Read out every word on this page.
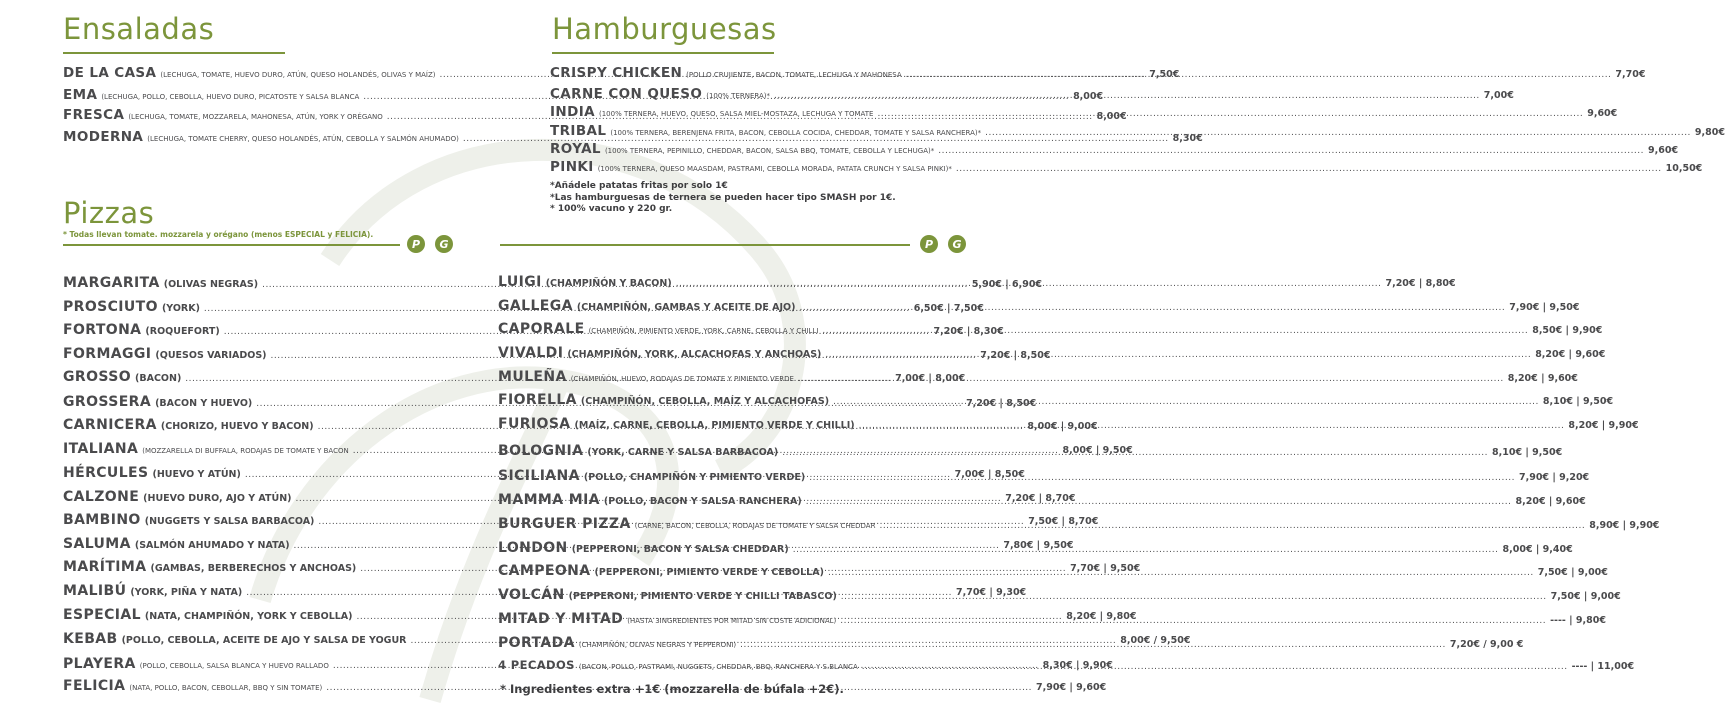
Ensaladas
DE LA CASA (LECHUGA, TOMATE, HUEVO DURO, ATÚN, QUESO HOLANDÉS, OLIVAS Y MAÍZ) .....	7,50€
EMA (LECHUGA, POLLO, CEBOLLA, HUEVO DURO, PICATOSTE Y SALSA BLANCA .....	8,00€
FRESCA (LECHUGA, TOMATE, MOZZARELA, MAHONESA, ATÚN, YORK Y ORÉGANO .....	8,00€
MODERNA (LECHUGA, TOMATE CHERRY, QUESO HOLANDÉS, ATÚN, CEBOLLA Y SALMÓN AHUMADO) .....	8,30€
Hamburguesas
CRISPY CHICKEN (POLLO CRUJIENTE, BACON, TOMATE, LECHUGA Y MAHONESA .....	7,70€
CARNE CON QUESO (100% TERNERA)* .....	7,00€
INDIA (100% TERNERA, HUEVO, QUESO, SALSA MIEL-MOSTAZA, LECHUGA Y TOMATE .....	9,60€
TRIBAL (100% TERNERA, BERENJENA FRITA, BACON, CEBOLLA COCIDA, CHEDDAR, TOMATE Y SALSA RANCHERA)* .....	9,80€
ROYAL (100% TERNERA, PEPINILLO, CHEDDAR, BACON, SALSA BBQ, TOMATE, CEBOLLA Y LECHUGA)* .....	9,60€
PINKI (100% TERNERA, QUESO MAASDAM, PASTRAMI, CEBOLLA MORADA, PATATA CRUNCH Y SALSA PINKI)* .....	10,50€
*Añádele patatas fritas por solo 1€
*Las hamburguesas de ternera se pueden hacer tipo SMASH por 1€.
* 100% vacuno y 220 gr.
Pizzas
* Todas llevan tomate. mozzarela y orégano (menos ESPECIAL y FELICIA).
P	G	P	G
MARGARITA (OLIVAS NEGRAS) .....	5,90€ | 6,90€
PROSCIUTO (YORK) .....	6,50€ | 7,50€
FORTONA (ROQUEFORT) .....	7,20€ | 8,30€
FORMAGGI (QUESOS VARIADOS) .....	7,20€ | 8,50€
GROSSO (BACON) .....	7,00€ | 8,00€
GROSSERA (BACON Y HUEVO) .....	7,20€ | 8,50€
CARNICERA (CHORIZO, HUEVO Y BACON) .....	8,00€ | 9,00€
ITALIANA (MOZZARELLA DI BUFFALA, RODAJAS DE TOMATE Y BACON .....	8,00€ | 9,50€
HÉRCULES (HUEVO Y ATÚN) .....	7,00€ | 8,50€
CALZONE (HUEVO DURO, AJO Y ATÚN) .....	7,20€ | 8,70€
BAMBINO (NUGGETS Y SALSA BARBACOA) .....	7,50€ | 8,70€
SALUMA (SALMÓN AHUMADO Y NATA) .....	7,80€ | 9,50€
MARÍTIMA (GAMBAS, BERBERECHOS Y ANCHOAS) .....	7,70€ | 9,50€
MALIBÚ (YORK, PIÑA Y NATA) .....	7,70€ | 9,30€
ESPECIAL (NATA, CHAMPIÑÓN, YORK Y CEBOLLA) .....	8,20€ | 9,80€
KEBAB (POLLO, CEBOLLA, ACEITE DE AJO Y SALSA DE YOGUR .....	8,00€ / 9,50€
PLAYERA (POLLO, CEBOLLA, SALSA BLANCA Y HUEVO RALLADO .....	8,30€ | 9,90€
FELICIA (NATA, POLLO, BACON, CEBOLLAR, BBQ Y SIN TOMATE) .....	7,90€ | 9,60€
LUIGI (CHAMPIÑÓN Y BACON) .....	7,20€ | 8,80€
GALLEGA (CHAMPIÑÓN, GAMBAS Y ACEITE DE AJO) .....	7,90€ | 9,50€
CAPORALE (CHAMPIÑÓN, PIMIENTO VERDE, YORK, CARNE, CEBOLLA Y CHILLI .....	8,50€ | 9,90€
VIVALDI (CHAMPIÑÓN, YORK, ALCACHOFAS Y ANCHOAS) .....	8,20€ | 9,60€
MULEÑA (CHAMPIÑÓN, HUEVO, RODAJAS DE TOMATE Y PIMIENTO VERDE .....	8,20€ | 9,60€
FIORELLA (CHAMPIÑÓN, CEBOLLA, MAÍZ Y ALCACHOFAS) .....	8,10€ | 9,50€
FURIOSA (MAÍZ, CARNE, CEBOLLA, PIMIENTO VERDE Y CHILLI) .....	8,20€ | 9,90€
BOLOGNIA (YORK, CARNE Y SALSA BARBACOA) .....	8,10€ | 9,50€
SICILIANA (POLLO, CHAMPIÑÓN Y PIMIENTO VERDE) .....	7,90€ | 9,20€
MAMMA MIA (POLLO, BACON Y SALSA RANCHERA) .....	8,20€ | 9,60€
BURGUER PIZZA (CARNE, BACON, CEBOLLA, RODAJAS DE TOMATE Y SALSA CHEDDAR .....	8,90€ | 9,90€
LONDON (PEPPERONI, BACON Y SALSA CHEDDAR) .....	8,00€ | 9,40€
CAMPEONA (PEPPERONI, PIMIENTO VERDE Y CEBOLLA) .....	7,50€ | 9,00€
VOLCÁN (PEPPERONI, PIMIENTO VERDE Y CHILLI TABASCO) .....	7,50€ | 9,00€
MITAD Y MITAD (HASTA 3INGREDIENTES POR MITAD SIN COSTE ADICIONAL) .....	---- | 9,80€
PORTADA (CHAMPIÑÓN, OLIVAS NEGRAS Y PEPPERONI) .....	7,20€ / 9,00 €
4 PECADOS (BACON, POLLO, PASTRAMI, NUGGETS, CHEDDAR, BBQ, RANCHERA Y S.BLANCA .....	---- | 11,00€
* Ingredientes extra +1€ (mozzarella de búfala +2€).
